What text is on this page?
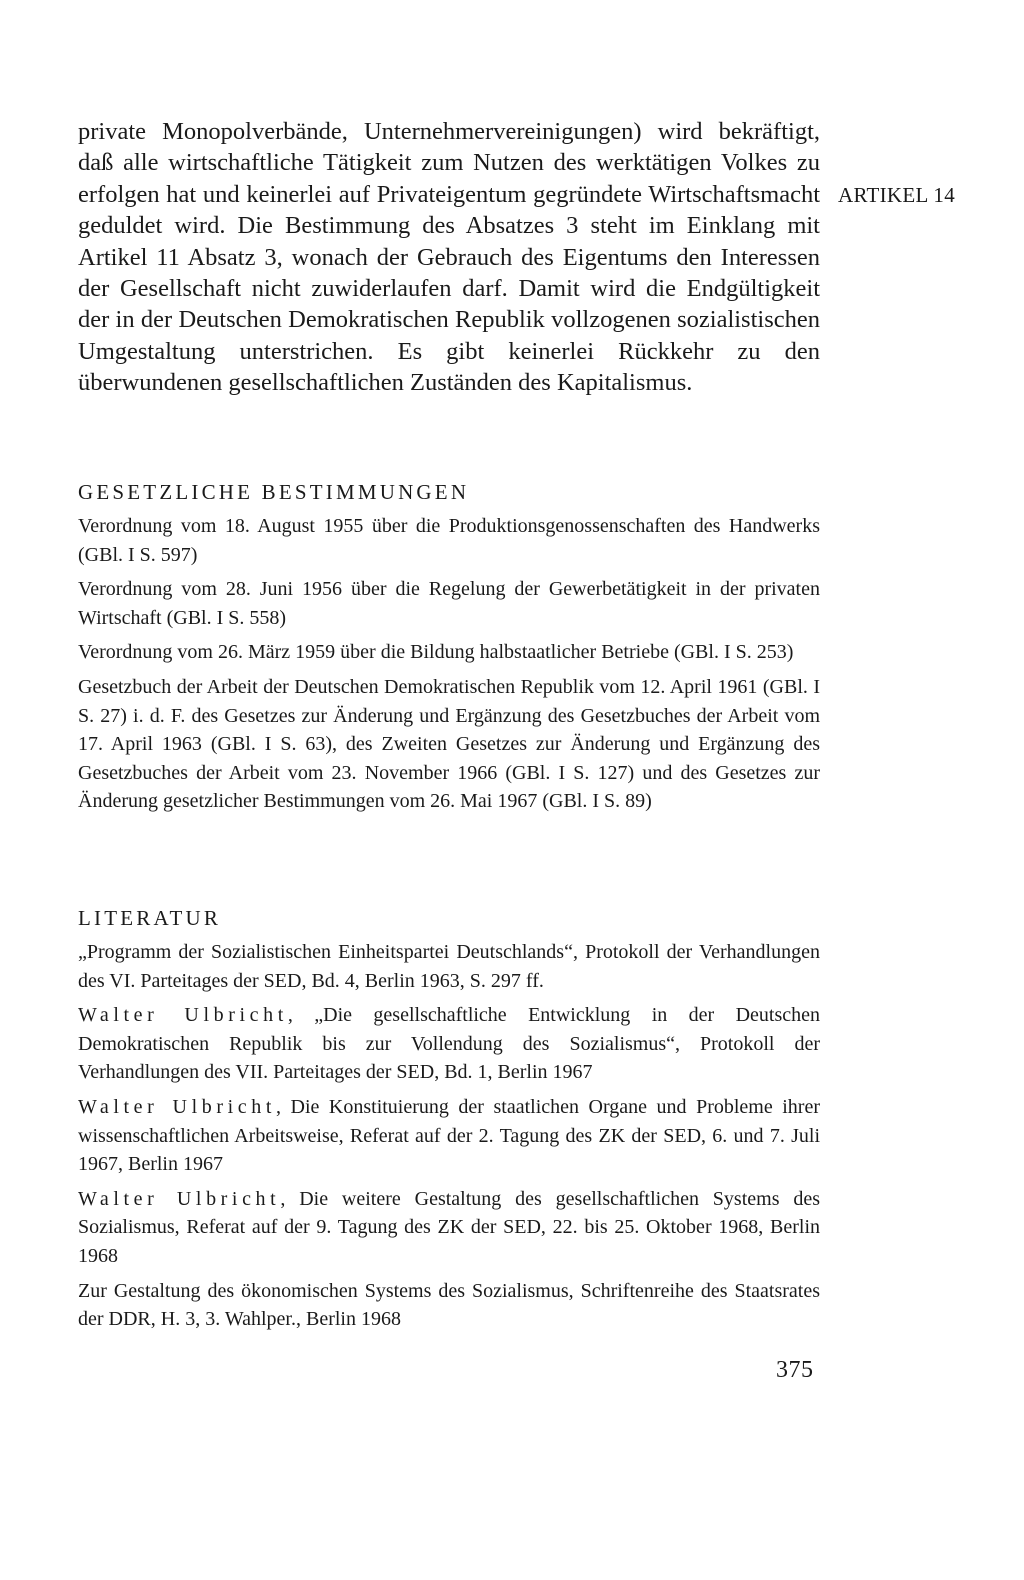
ARTIKEL 14
private Monopolverbände, Unternehmervereinigungen) wird bekräftigt, daß alle wirtschaftliche Tätigkeit zum Nutzen des werktätigen Volkes zu erfolgen hat und keinerlei auf Privateigentum gegründete Wirtschaftsmacht geduldet wird. Die Bestimmung des Absatzes 3 steht im Einklang mit Artikel 11 Absatz 3, wonach der Gebrauch des Eigentums den Interessen der Gesellschaft nicht zuwiderlaufen darf. Damit wird die Endgültigkeit der in der Deutschen Demokratischen Republik vollzogenen sozialistischen Umgestaltung unterstrichen. Es gibt keinerlei Rückkehr zu den überwundenen gesellschaftlichen Zuständen des Kapitalismus.
GESETZLICHE BESTIMMUNGEN
Verordnung vom 18. August 1955 über die Produktionsgenossenschaften des Handwerks (GBl. I S. 597)
Verordnung vom 28. Juni 1956 über die Regelung der Gewerbetätigkeit in der privaten Wirtschaft (GBl. I S. 558)
Verordnung vom 26. März 1959 über die Bildung halbstaatlicher Betriebe (GBl. I S. 253)
Gesetzbuch der Arbeit der Deutschen Demokratischen Republik vom 12. April 1961 (GBl. I S. 27) i. d. F. des Gesetzes zur Änderung und Ergänzung des Gesetzbuches der Arbeit vom 17. April 1963 (GBl. I S. 63), des Zweiten Gesetzes zur Änderung und Ergänzung des Gesetzbuches der Arbeit vom 23. November 1966 (GBl. I S. 127) und des Gesetzes zur Änderung gesetzlicher Bestimmungen vom 26. Mai 1967 (GBl. I S. 89)
LITERATUR
„Programm der Sozialistischen Einheitspartei Deutschlands“, Protokoll der Verhandlungen des VI. Parteitages der SED, Bd. 4, Berlin 1963, S. 297 ff.
Walter Ulbricht, „Die gesellschaftliche Entwicklung in der Deutschen Demokratischen Republik bis zur Vollendung des Sozialismus“, Protokoll der Verhandlungen des VII. Parteitages der SED, Bd. 1, Berlin 1967
Walter Ulbricht, Die Konstituierung der staatlichen Organe und Probleme ihrer wissenschaftlichen Arbeitsweise, Referat auf der 2. Tagung des ZK der SED, 6. und 7. Juli 1967, Berlin 1967
Walter Ulbricht, Die weitere Gestaltung des gesellschaftlichen Systems des Sozialismus, Referat auf der 9. Tagung des ZK der SED, 22. bis 25. Oktober 1968, Berlin 1968
Zur Gestaltung des ökonomischen Systems des Sozialismus, Schriftenreihe des Staatsrates der DDR, H. 3, 3. Wahlper., Berlin 1968
375
